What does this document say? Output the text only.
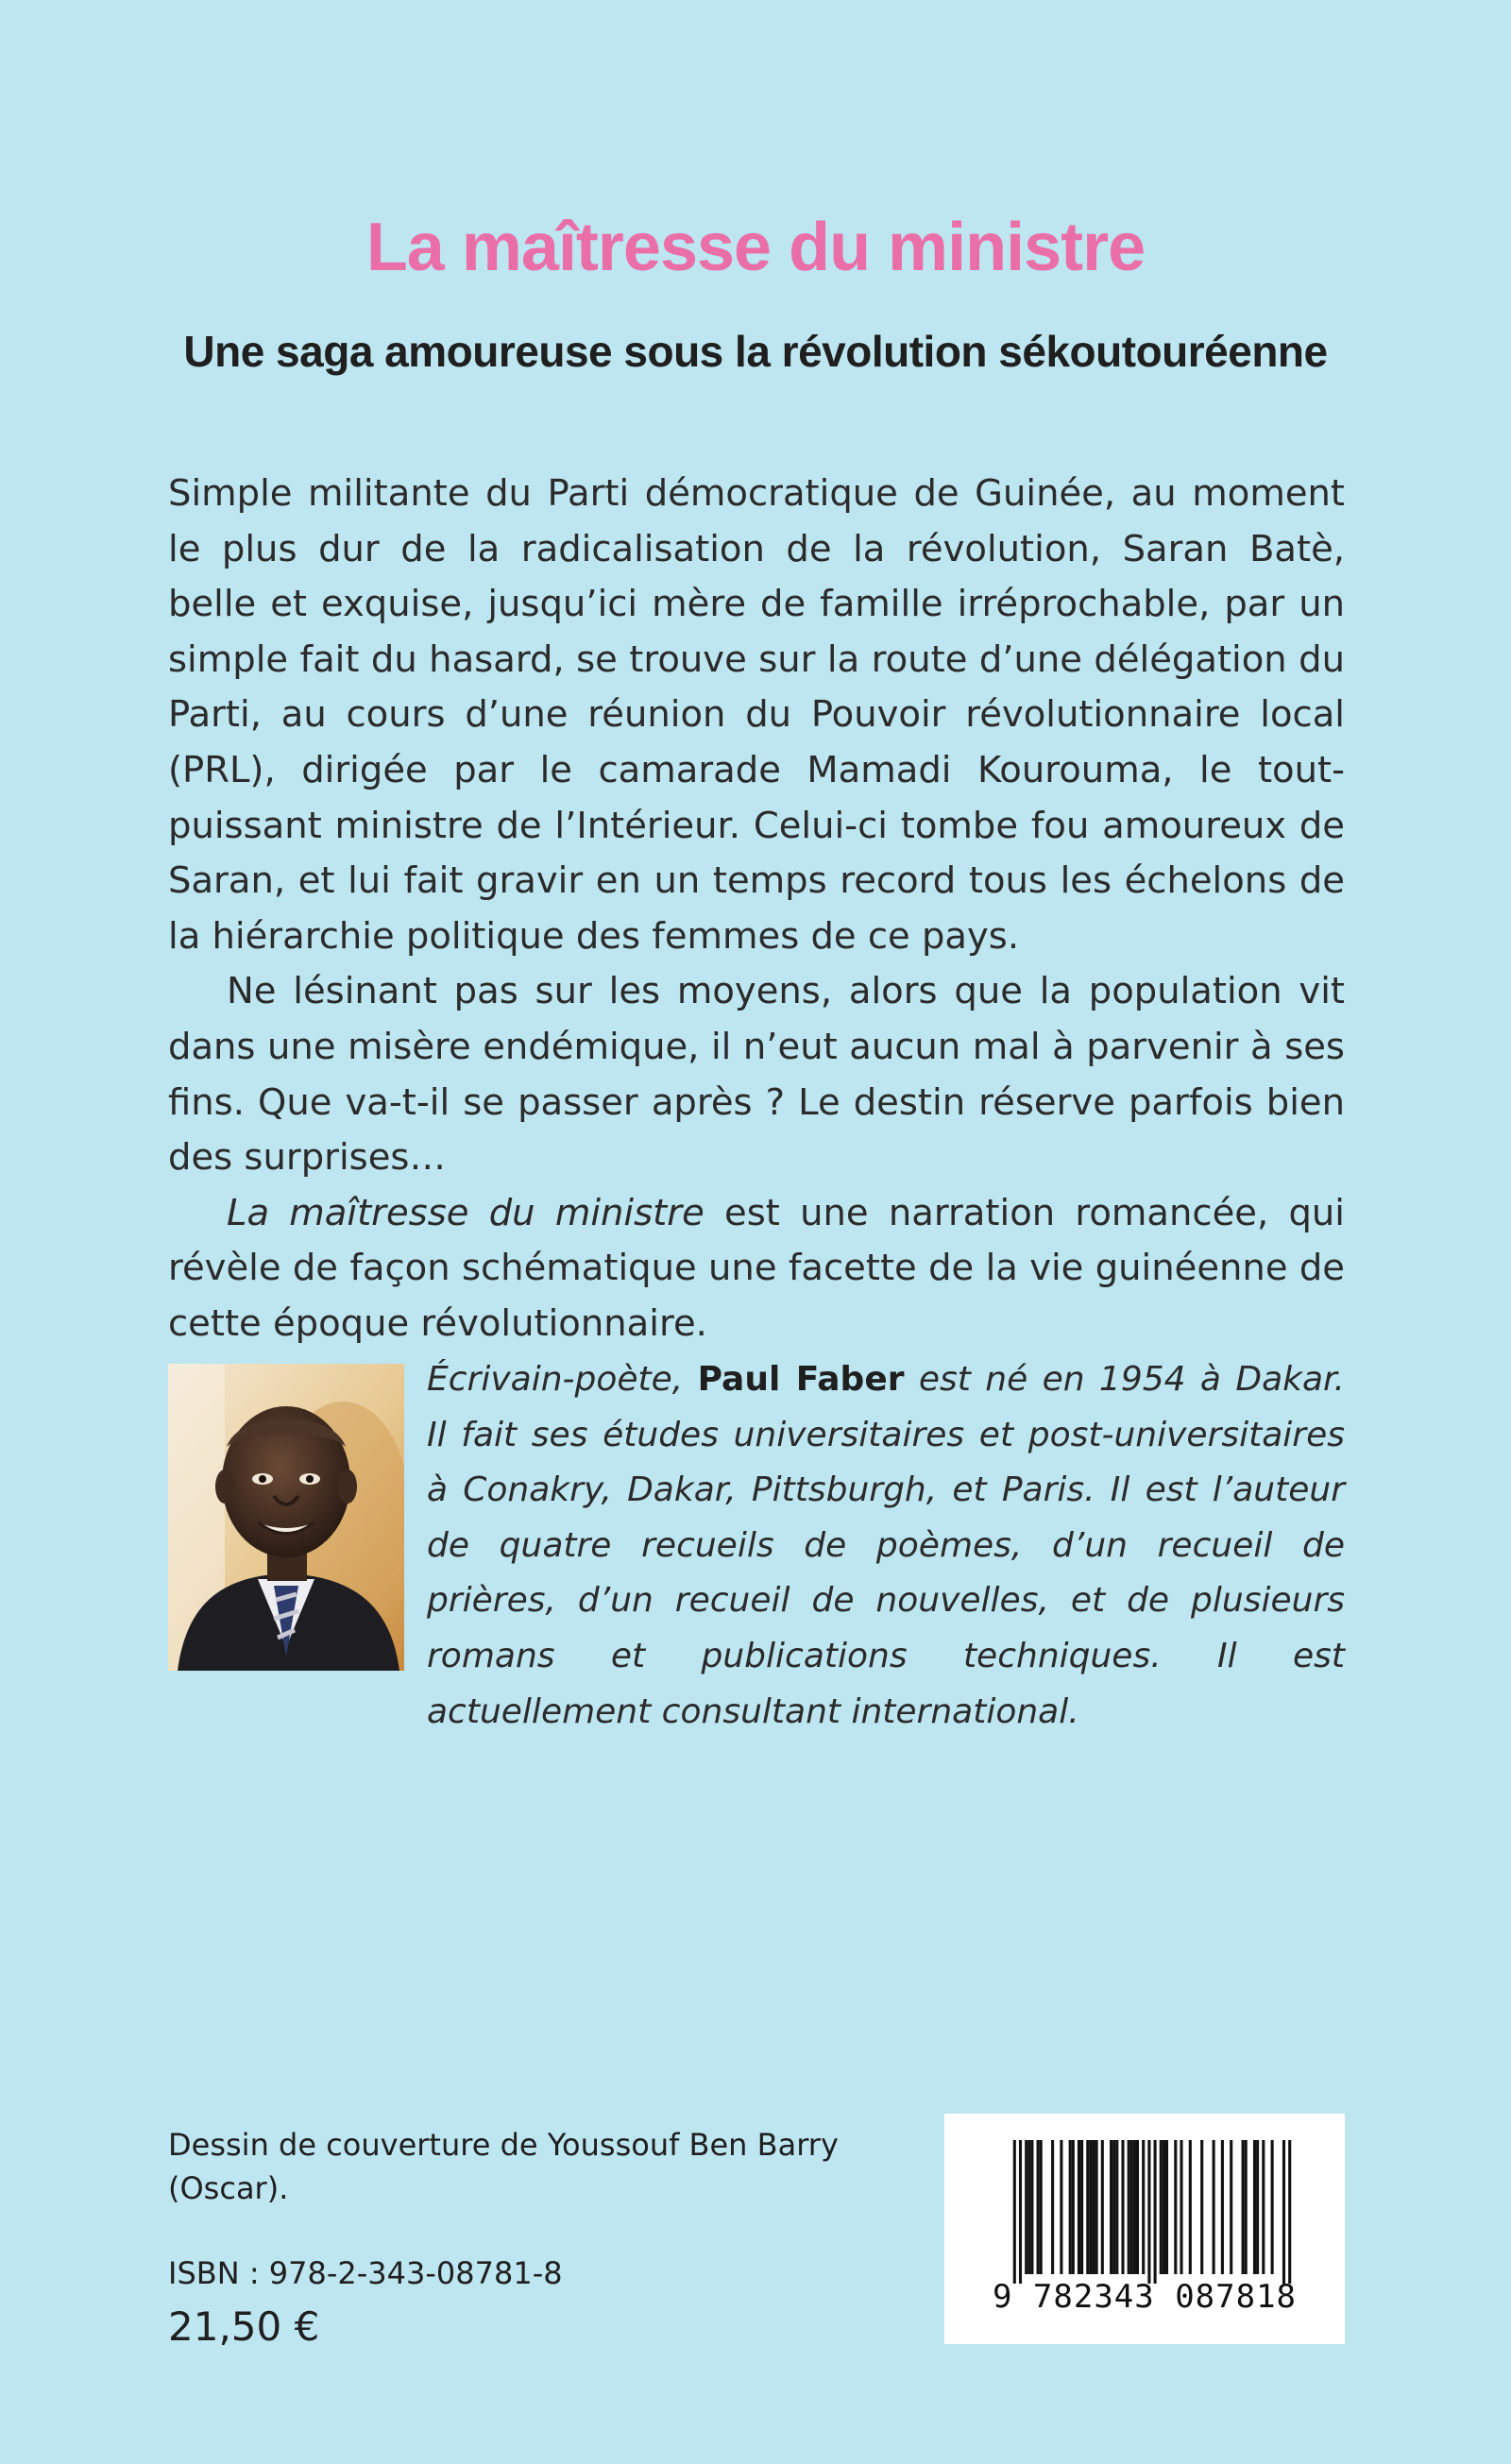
La maîtresse du ministre
Une saga amoureuse sous la révolution sékoutouréenne

Simple militante du Parti démocratique de Guinée, au moment le plus dur de la radicalisation de la révolution, Saran Batè, belle et exquise, jusqu’ici mère de famille irréprochable, par un simple fait du hasard, se trouve sur la route d’une délégation du Parti, au cours d’une réunion du Pouvoir révolutionnaire local (PRL), dirigée par le camarade Mamadi Kourouma, le tout-puissant ministre de l’Intérieur. Celui-ci tombe fou amoureux de Saran, et lui fait gravir en un temps record tous les échelons de la hiérarchie politique des femmes de ce pays.

Ne lésinant pas sur les moyens, alors que la population vit dans une misère endémique, il n’eut aucun mal à parvenir à ses fins. Que va-t-il se passer après ? Le destin réserve parfois bien des surprises…

La maîtresse du ministre est une narration romancée, qui révèle de façon schématique une facette de la vie guinéenne de cette époque révolutionnaire.

Écrivain-poète, Paul Faber est né en 1954 à Dakar. Il fait ses études universitaires et post-universitaires à Conakry, Dakar, Pittsburgh, et Paris. Il est l’auteur de quatre recueils de poèmes, d’un recueil de prières, d’un recueil de nouvelles, et de plusieurs romans et publications techniques. Il est actuellement consultant international.

Dessin de couverture de Youssouf Ben Barry (Oscar).

ISBN : 978-2-343-08781-8

21,50 €

9 782343 087818
